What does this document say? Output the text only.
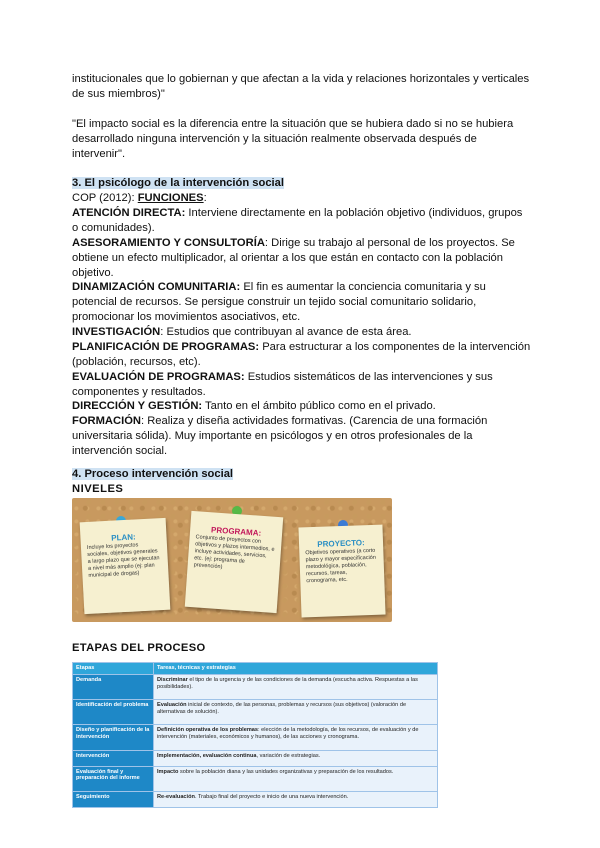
institucionales que lo gobiernan y que afectan a la vida y relaciones horizontales y verticales
de sus miembros)"
"El impacto social es la diferencia entre la situación que se hubiera dado si no se hubiera
desarrollado ninguna intervención y la situación realmente observada después de
intervenir".
3. El psicólogo de la intervención social
COP (2012): FUNCIONES:
ATENCIÓN DIRECTA: Interviene directamente en la población objetivo (individuos, grupos
o comunidades).
ASESORAMIENTO Y CONSULTORÍA: Dirige su trabajo al personal de los proyectos. Se
obtiene un efecto multiplicador, al orientar a los que están en contacto con la población
objetivo.
DINAMIZACIÓN COMUNITARIA: El fin es aumentar la conciencia comunitaria y su
potencial de recursos. Se persigue construir un tejido social comunitario solidario,
promocionar los movimientos asociativos, etc.
INVESTIGACIÓN: Estudios que contribuyan al avance de esta área.
PLANIFICACIÓN DE PROGRAMAS: Para estructurar a los componentes de la intervención
(población, recursos, etc).
EVALUACIÓN DE PROGRAMAS: Estudios sistemáticos de las intervenciones y sus
componentes y resultados.
DIRECCIÓN Y GESTIÓN: Tanto en el ámbito público como en el privado.
FORMACIÓN: Realiza y diseña actividades formativas. (Carencia de una formación
universitaria sólida). Muy importante en psicólogos y en otros profesionales de la
intervención social.
4. Proceso intervención social
NIVELES
PLAN:
Incluye los proyectos sociales, objetivos generales a largo plazo que se ejecutan a nivel más amplio (ej: plan municipal de drogas)
PROGRAMA:
Conjunto de proyectos con objetivos y plazos intermedios, e incluye actividades, servicios, etc. (ej: programa de prevención)
PROYECTO:
Objetivos operativos (a corto plazo y mayor especificación metodológica, población, recursos, tareas, cronograma, etc.
ETAPAS DEL PROCESO
Etapas	Tareas, técnicas y estrategias
Demanda	Discriminar el tipo de la urgencia y de las condiciones de la demanda (escucha activa. Respuestas a las posibilidades).
Identificación del problema	Evaluación inicial de contexto, de las personas, problemas y recursos (sus objetivos) (valoración de alternativas de solución).
Diseño y planificación de la intervención	Definición operativa de los problemas: elección de la metodología, de los recursos, de evaluación y de intervención (materiales, económicos y humanos), de las acciones y cronograma.
Intervención	Implementación, evaluación continua, variación de estrategias.
Evaluación final y preparación del informe	Impacto sobre la población diana y las unidades organizativas y preparación de los resultados.
Seguimiento	Re-evaluación. Trabajo final del proyecto e inicio de una nueva intervención.
